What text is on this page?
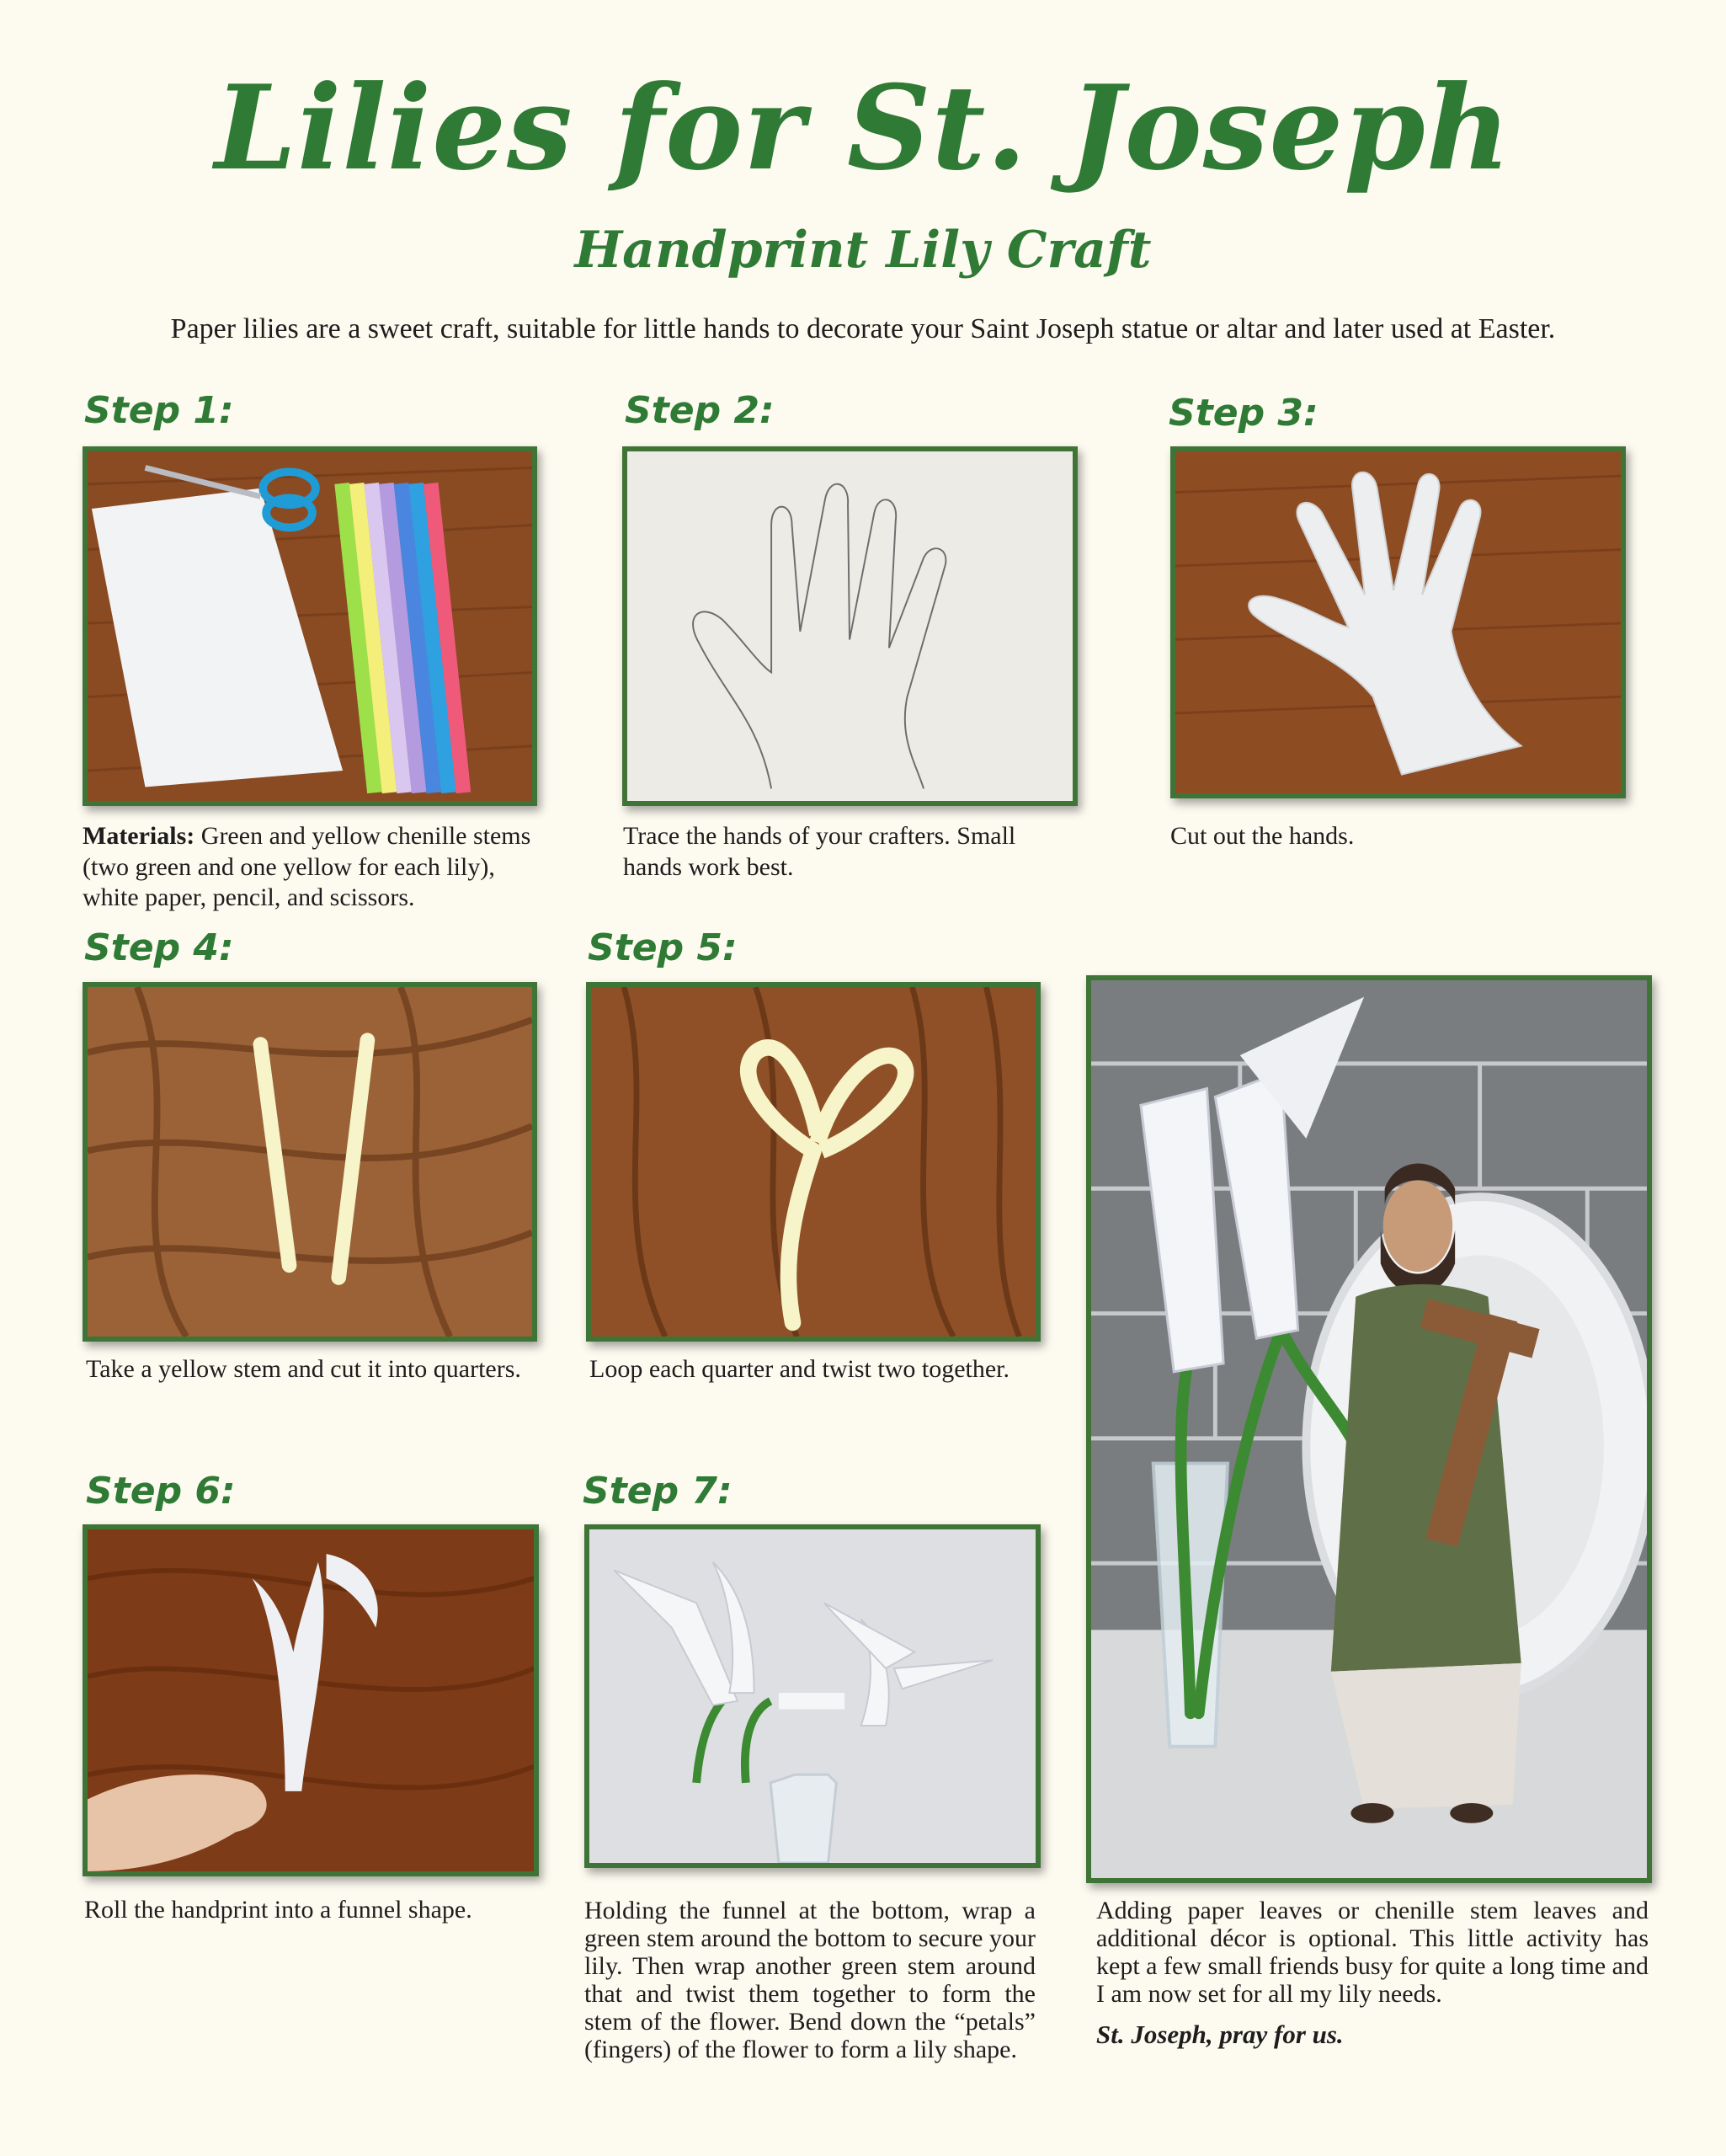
Lilies for St. Joseph
Handprint Lily Craft
Paper lilies are a sweet craft, suitable for little hands to decorate your Saint Joseph statue or altar and later used at Easter.
Step 1:
Materials: Green and yellow chenille stems (two green and one yellow for each lily), white paper, pencil, and scissors.
Step 2:
Trace the hands of your crafters. Small hands work best.
Step 3:
Cut out the hands.
Step 4:
Take a yellow stem and cut it into quarters.
Step 5:
Loop each quarter and twist two together.
Step 6:
Roll the handprint into a funnel shape.
Step 7:
Holding the funnel at the bottom, wrap a green stem around the bottom to secure your lily. Then wrap another green stem around that and twist them together to form the stem of the flower. Bend down the “petals” (fingers) of the flower to form a lily shape.
Adding paper leaves or chenille stem leaves and additional décor is optional. This little activity has kept a few small friends busy for quite a long time and I am now set for all my lily needs.
St. Joseph, pray for us.
